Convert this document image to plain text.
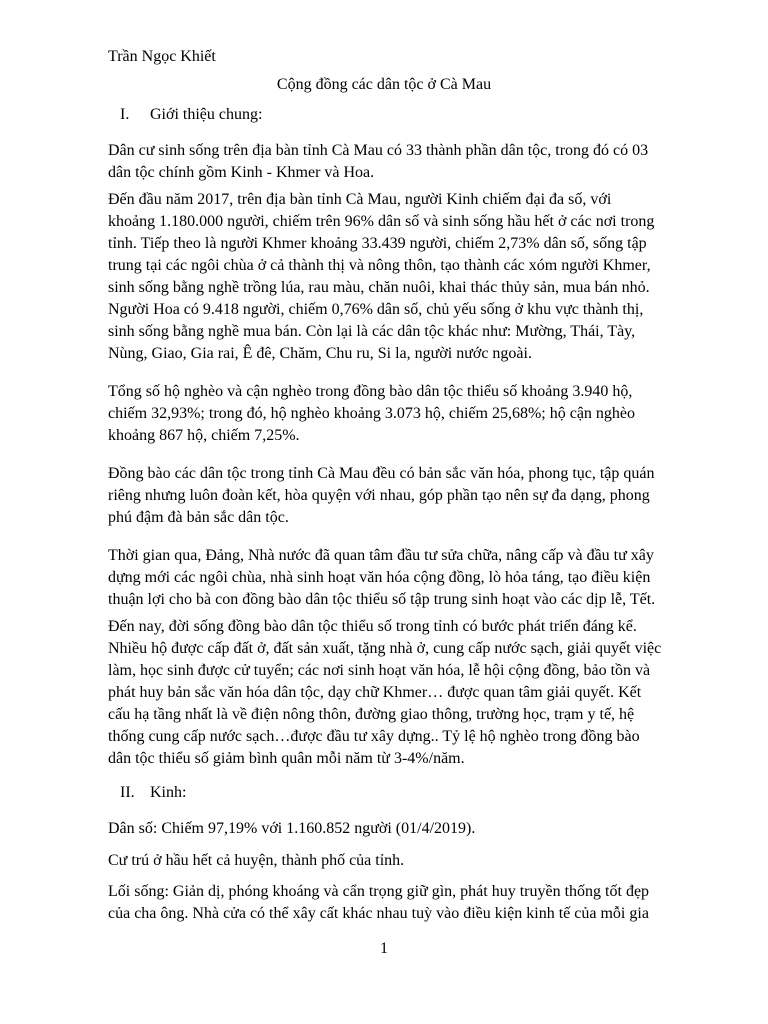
Trần Ngọc Khiết
Cộng đồng các dân tộc ở Cà Mau
I. Giới thiệu chung:
Dân cư sinh sống trên địa bàn tỉnh Cà Mau có 33 thành phần dân tộc, trong đó có 03
dân tộc chính gồm Kinh - Khmer và Hoa.
Đến đầu năm 2017, trên địa bàn tỉnh Cà Mau, người Kinh chiếm đại đa số, với
khoảng 1.180.000 người, chiếm trên 96% dân số và sinh sống hầu hết ở các nơi trong
tỉnh. Tiếp theo là người Khmer khoảng 33.439 người, chiếm 2,73% dân số, sống tập
trung tại các ngôi chùa ở cả thành thị và nông thôn, tạo thành các xóm người Khmer,
sinh sống bằng nghề trồng lúa, rau màu, chăn nuôi, khai thác thủy sản, mua bán nhỏ.
Người Hoa có 9.418 người, chiếm 0,76% dân số, chủ yếu sống ở khu vực thành thị,
sinh sống bằng nghề mua bán. Còn lại là các dân tộc khác như: Mường, Thái, Tày,
Nùng, Giao, Gia rai, Ê đê, Chăm, Chu ru, Si la, người nước ngoài.
Tổng số hộ nghèo và cận nghèo trong đồng bào dân tộc thiểu số khoảng 3.940 hộ,
chiếm 32,93%; trong đó, hộ nghèo khoảng 3.073 hộ, chiếm 25,68%; hộ cận nghèo
khoảng 867 hộ, chiếm 7,25%.
Đồng bào các dân tộc trong tỉnh Cà Mau đều có bản sắc văn hóa, phong tục, tập quán
riêng nhưng luôn đoàn kết, hòa quyện với nhau, góp phần tạo nên sự đa dạng, phong
phú đậm đà bản sắc dân tộc.
Thời gian qua, Đảng, Nhà nước đã quan tâm đầu tư sửa chữa, nâng cấp và đầu tư xây
dựng mới các ngôi chùa, nhà sinh hoạt văn hóa cộng đồng, lò hỏa táng, tạo điều kiện
thuận lợi cho bà con đồng bào dân tộc thiểu số tập trung sinh hoạt vào các dịp lễ, Tết.
Đến nay, đời sống đồng bào dân tộc thiểu số trong tỉnh có bước phát triển đáng kể.
Nhiều hộ được cấp đất ở, đất sản xuất, tặng nhà ở, cung cấp nước sạch, giải quyết việc
làm, học sinh được cử tuyển; các nơi sinh hoạt văn hóa, lễ hội cộng đồng, bảo tồn và
phát huy bản sắc văn hóa dân tộc, dạy chữ Khmer… được quan tâm giải quyết. Kết
cấu hạ tầng nhất là về điện nông thôn, đường giao thông, trường học, trạm y tế, hệ
thống cung cấp nước sạch…được đầu tư xây dựng.. Tỷ lệ hộ nghèo trong đồng bào
dân tộc thiểu số giảm bình quân mỗi năm từ 3-4%/năm.
II. Kinh:
Dân số: Chiếm 97,19% với 1.160.852 người (01/4/2019).
Cư trú ở hầu hết cả huyện, thành phố của tỉnh.
Lối sống: Giản dị, phóng khoáng và cẩn trọng giữ gìn, phát huy truyền thống tốt đẹp
của cha ông. Nhà cửa có thể xây cất khác nhau tuỳ vào điều kiện kinh tế của mỗi gia
1
